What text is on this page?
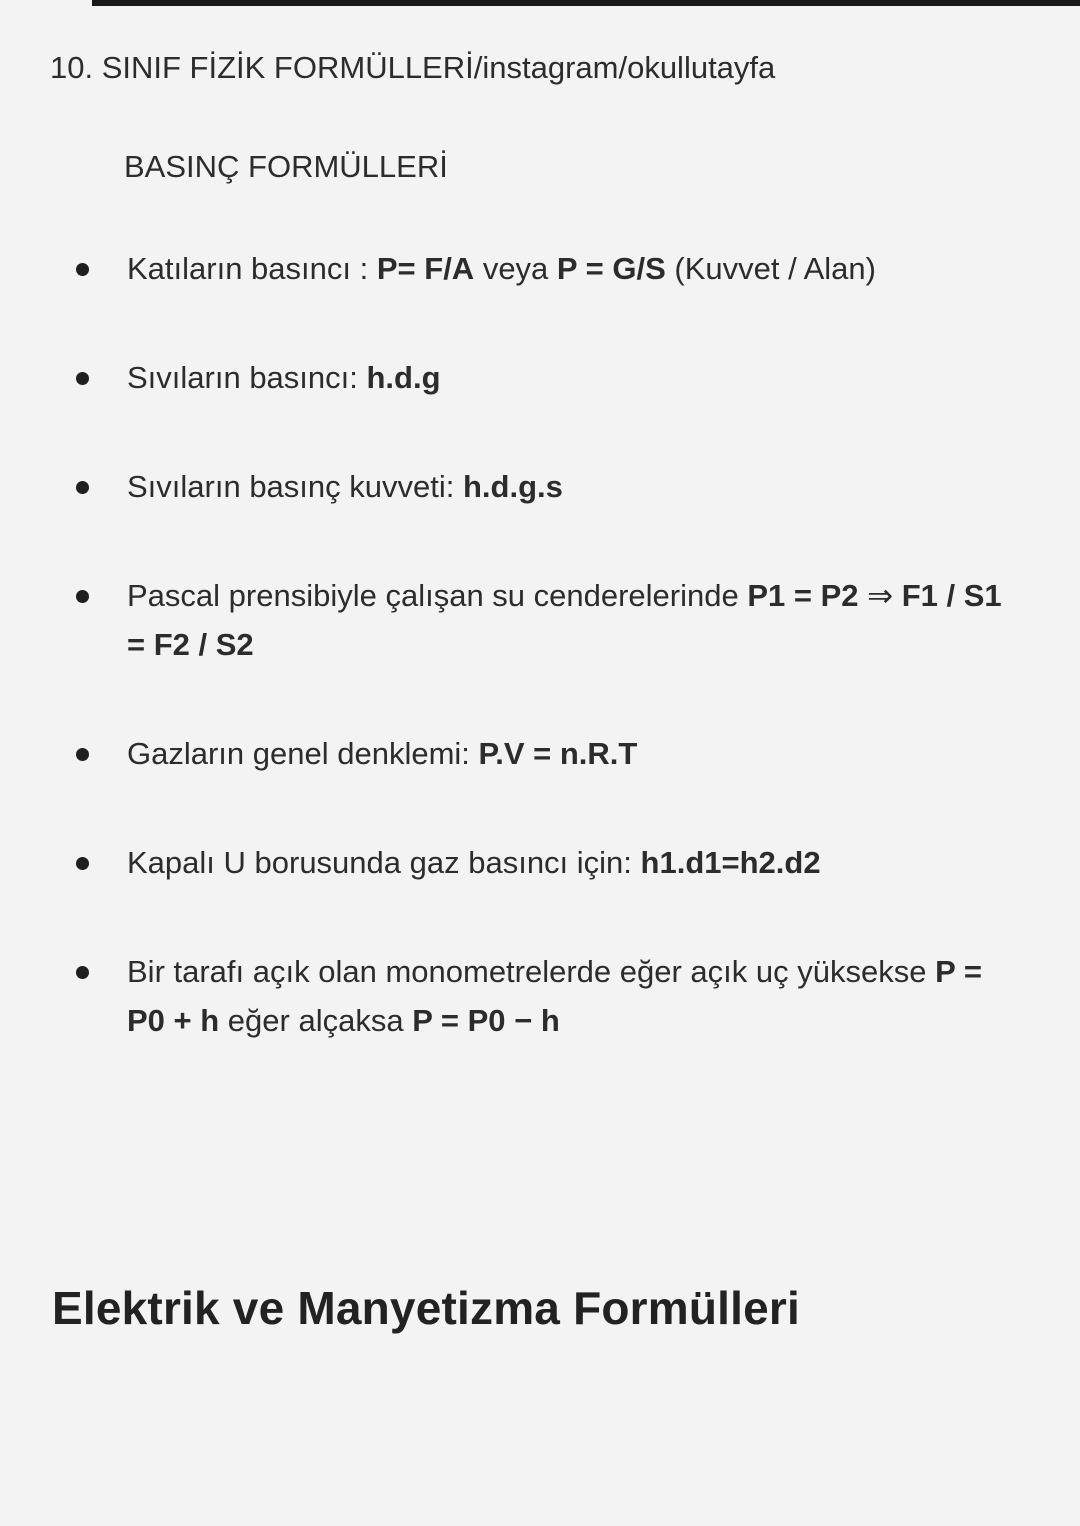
10. SINIF FİZİK FORMÜLLERİ/instagram/okullutayfa
BASINÇ FORMÜLLERİ
Katıların basıncı : P= F/A veya P = G/S (Kuvvet / Alan)
Sıvıların basıncı: h.d.g
Sıvıların basınç kuvveti: h.d.g.s
Pascal prensibiyle çalışan su cenderelerinde P1 = P2 ⇒ F1 / S1 = F2 / S2
Gazların genel denklemi: P.V = n.R.T
Kapalı U borusunda gaz basıncı için: h1.d1=h2.d2
Bir tarafı açık olan monometrelerde eğer açık uç yüksekse P = P0 + h eğer alçaksa P = P0 − h
Elektrik ve Manyetizma Formülleri
